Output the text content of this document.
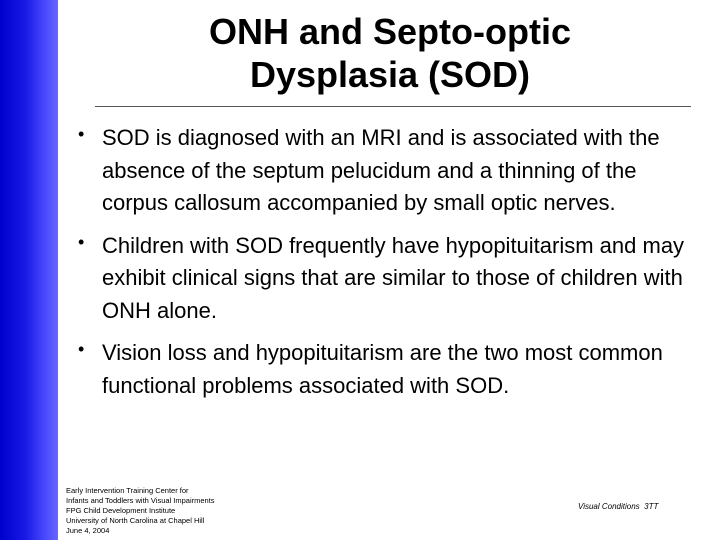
ONH and Septo-optic
Dysplasia (SOD)
• SOD is diagnosed with an MRI and is associated with the absence of the septum pelucidum and a thinning of the corpus callosum accompanied by small optic nerves.
• Children with SOD frequently have hypopituitarism and may exhibit clinical signs that are similar to those of children with ONH alone.
• Vision loss and hypopituitarism are the two most common functional problems associated with SOD.
Early Intervention Training Center for
Infants and Toddlers with Visual Impairments
FPG Child Development Institute
University of North Carolina at Chapel Hill
June 4, 2004
Visual Conditions  3TT
